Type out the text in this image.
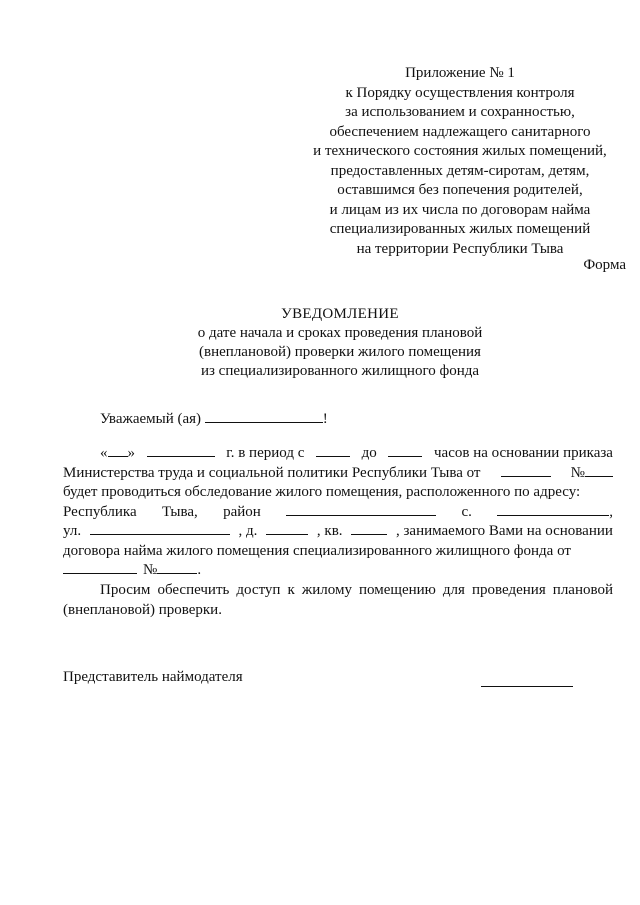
Приложение № 1
к Порядку осуществления контроля
за использованием и сохранностью,
обеспечением надлежащего санитарного
и технического состояния жилых помещений,
предоставленных детям-сиротам, детям,
оставшимся без попечения родителей,
и лицам из их числа по договорам найма
специализированных жилых помещений
на территории Республики Тыва
Форма
УВЕДОМЛЕНИЕ
о дате начала и сроках проведения плановой
(внеплановой) проверки жилого помещения
из специализированного жилищного фонда
Уважаемый (ая)	!
« »	г. в период с	до	часов на основании приказа
Министерства труда и социальной политики Республики Тыва от	№
будет проводиться обследование жилого помещения, расположенного по адресу:
Республика Тыва, район	с.	,
ул.	, д.	, кв.	, занимаемого Вами на основании
договора найма жилого помещения специализированного жилищного фонда от
№	.
Просим обеспечить доступ к жилому помещению для проведения плановой (внеплановой) проверки.
Представитель наймодателя
